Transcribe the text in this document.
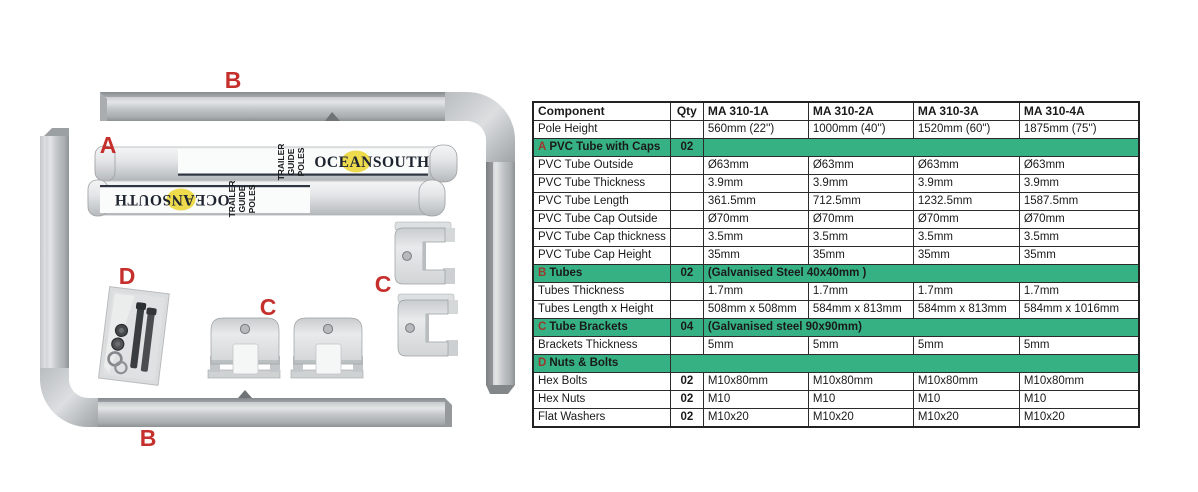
TRAILER GUIDE POLES OCEANSOUTH
OCEANSOUTH
TRAILER GUIDE POLES
B
A
D
C
C
B
Component	Qty	MA 310-1A	MA 310-2A	MA 310-3A	MA 310-4A
Pole Height		560mm (22'')	1000mm (40'')	1520mm (60")	1875mm (75'')
A PVC Tube with Caps	02				
PVC Tube Outside		Ø63mm	Ø63mm	Ø63mm	Ø63mm
PVC Tube Thickness		3.9mm	3.9mm	3.9mm	3.9mm
PVC Tube Length		361.5mm	712.5mm	1232.5mm	1587.5mm
PVC Tube Cap Outside		Ø70mm	Ø70mm	Ø70mm	Ø70mm
PVC Tube Cap thickness		3.5mm	3.5mm	3.5mm	3.5mm
PVC Tube Cap Height		35mm	35mm	35mm	35mm
B Tubes	02	(Galvanised Steel 40x40mm )			
Tubes Thickness		1.7mm	1.7mm	1.7mm	1.7mm
Tubes Length x Height		508mm x 508mm	584mm x 813mm	584mm x 813mm	584mm x 1016mm
C Tube Brackets	04	(Galvanised steel 90x90mm)			
Brackets Thickness		5mm	5mm	5mm	5mm
D Nuts & Bolts					
Hex Bolts	02	M10x80mm	M10x80mm	M10x80mm	M10x80mm
Hex Nuts	02	M10	M10	M10	M10
Flat Washers	02	M10x20	M10x20	M10x20	M10x20
